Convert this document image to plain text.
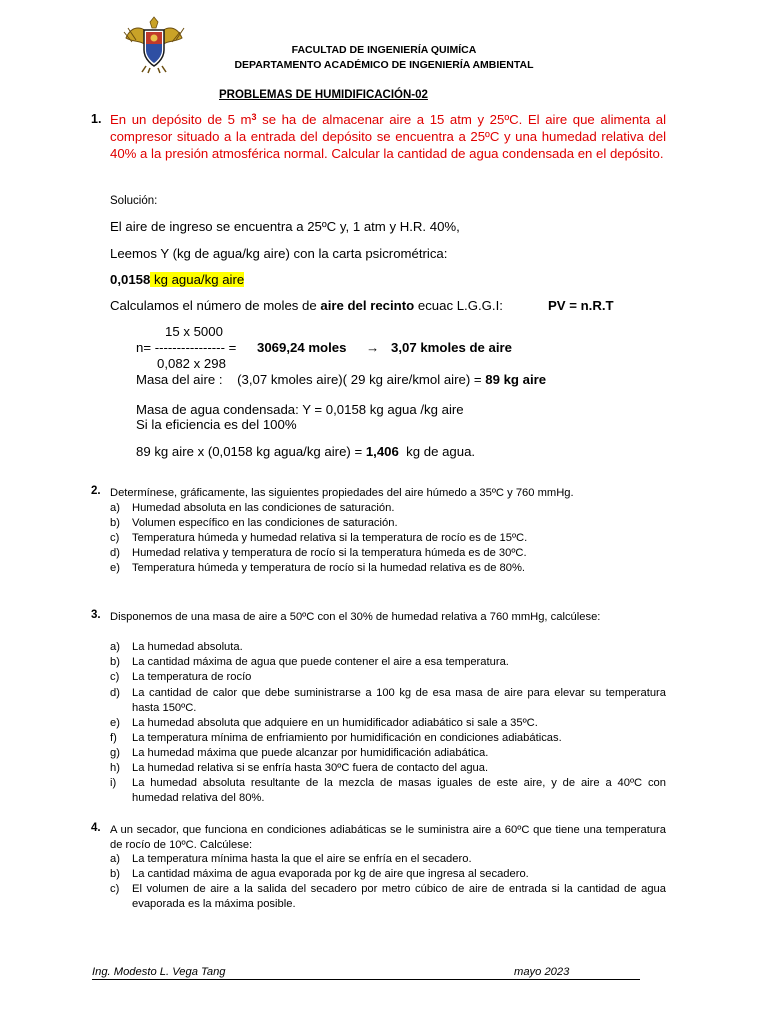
FACULTAD DE INGENIERÍA QUIMÍCA
DEPARTAMENTO ACADÉMICO DE INGENIERÍA AMBIENTAL
PROBLEMAS DE HUMIDIFICACIÓN-02
1. En un depósito de 5 $m^3$ se ha de almacenar aire a 15 atm y 25ºC. El aire que alimenta al compresor situado a la entrada del depósito se encuentra a 25ºC y una humedad relativa del 40% a la presión atmosférica normal. Calcular la cantidad de agua condensada en el depósito.
Solución:
El aire de ingreso se encuentra a 25ºC y, 1 atm y H.R. 40%,
Leemos Y (kg de agua/kg aire) con la carta psicrométrica:
0,0158 kg agua/kg aire
Calculamos el número de moles de aire del recinto ecuac L.G.G.I:	PV = n.R.T
15 x 5000
n= ---------------- = 3069,24 moles → 3,07 kmoles de aire
0,082 x 298
Masa del aire :    (3,07 kmoles aire)( 29 kg aire/kmol aire) = 89 kg aire
Masa de agua condensada: Y = 0,0158 kg agua /kg aire
Si la eficiencia es del 100%
89 kg aire x (0,0158 kg agua/kg aire) = 1,406  kg de agua.
2. Determínese, gráficamente, las siguientes propiedades del aire húmedo a 35ºC y 760 mmHg.
a) Humedad absoluta en las condiciones de saturación.
b) Volumen específico en las condiciones de saturación.
c) Temperatura húmeda y humedad relativa si la temperatura de rocío es de 15ºC.
d) Humedad relativa y temperatura de rocío si la temperatura húmeda es de 30ºC.
e) Temperatura húmeda y temperatura de rocío si la humedad relativa es de 80%.
3. Disponemos de una masa de aire a 50ºC con el 30% de humedad relativa a 760 mmHg, calcúlese:
a) La humedad absoluta.
b) La cantidad máxima de agua que puede contener el aire a esa temperatura.
c) La temperatura de rocío
d) La cantidad de calor que debe suministrarse a 100 kg de esa masa de aire para elevar su temperatura hasta 150ºC.
e) La humedad absoluta que adquiere en un humidificador adiabático si sale a 35ºC.
f) La temperatura mínima de enfriamiento por humidificación en condiciones adiabáticas.
g) La humedad máxima que puede alcanzar por humidificación adiabática.
h) La humedad relativa si se enfría hasta 30ºC fuera de contacto del agua.
i) La humedad absoluta resultante de la mezcla de masas iguales de este aire, y de aire a 40ºC con humedad relativa del 80%.
4. A un secador, que funciona en condiciones adiabáticas se le suministra aire a 60ºC que tiene una temperatura de rocío de 10ºC. Calcúlese:
a) La temperatura mínima hasta la que el aire se enfría en el secadero.
b) La cantidad máxima de agua evaporada por kg de aire que ingresa al secadero.
c) El volumen de aire a la salida del secadero por metro cúbico de aire de entrada si la cantidad de agua evaporada es la máxima posible.
Ing. Modesto L. Vega Tang	mayo 2023
